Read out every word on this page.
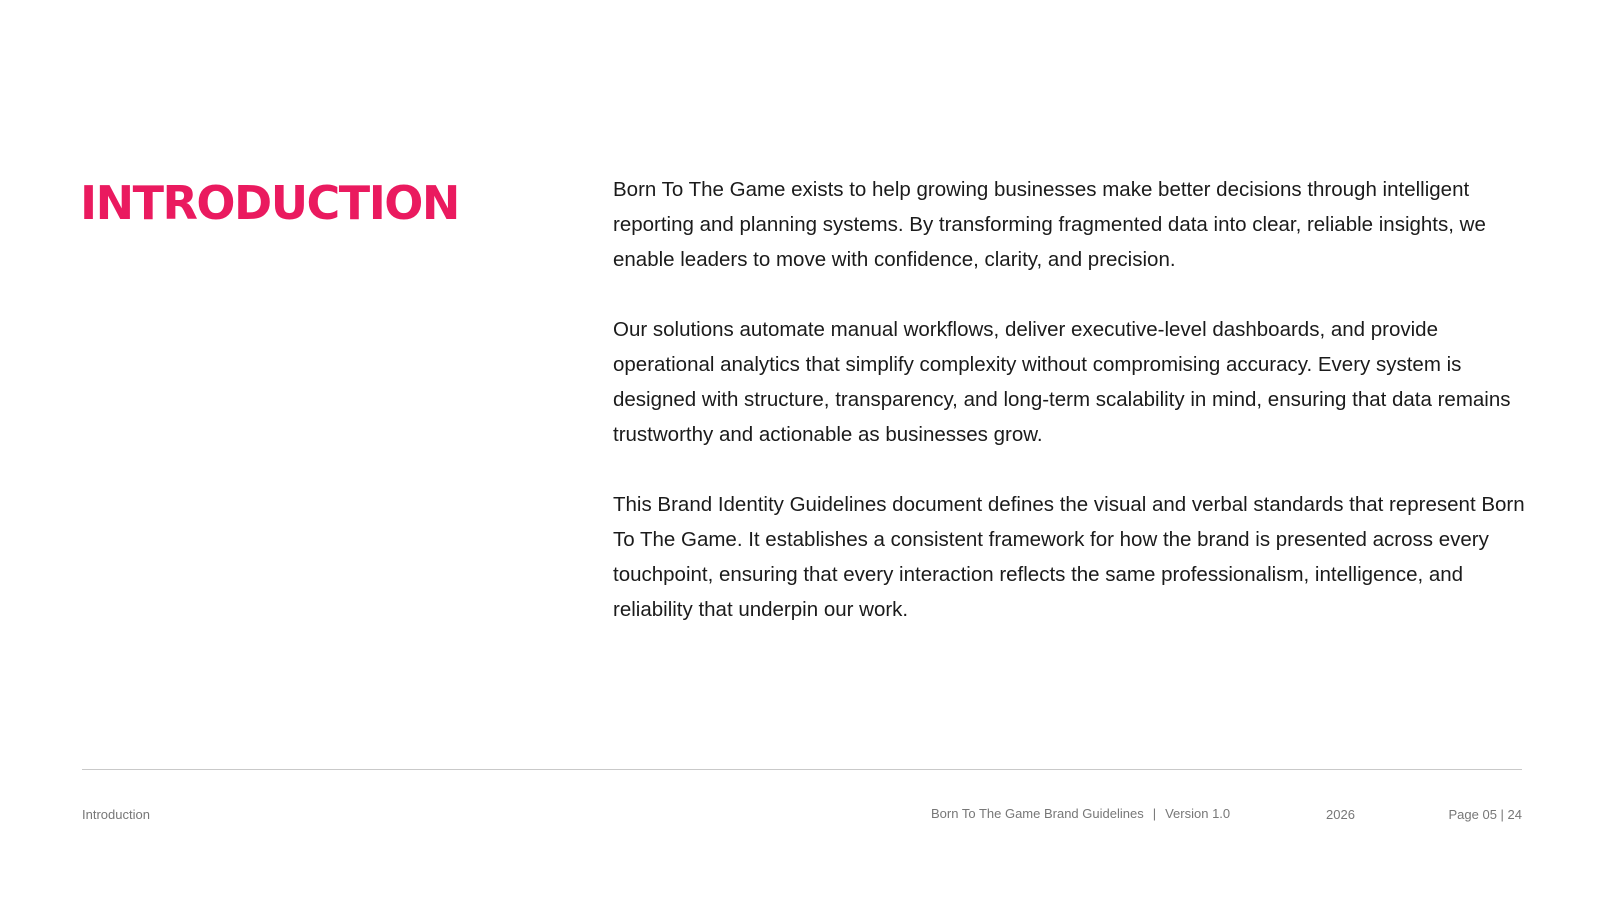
INTRODUCTION	Born To The Game exists to help growing businesses make better decisions through intelligent reporting and planning systems. By transforming fragmented data into clear, reliable insights, we enable leaders to move with confidence, clarity, and precision.

Our solutions automate manual workflows, deliver executive-level dashboards, and provide operational analytics that simplify complexity without compromising accuracy. Every system is designed with structure, transparency, and long-term scalability in mind, ensuring that data remains trustworthy and actionable as businesses grow.

This Brand Identity Guidelines document defines the visual and verbal standards that represent Born To The Game. It establishes a consistent framework for how the brand is presented across every touchpoint, ensuring that every interaction reflects the same professionalism, intelligence, and reliability that underpin our work.

Introduction	Born To The Game Brand Guidelines | Version 1.0	2026	Page 05 | 24
